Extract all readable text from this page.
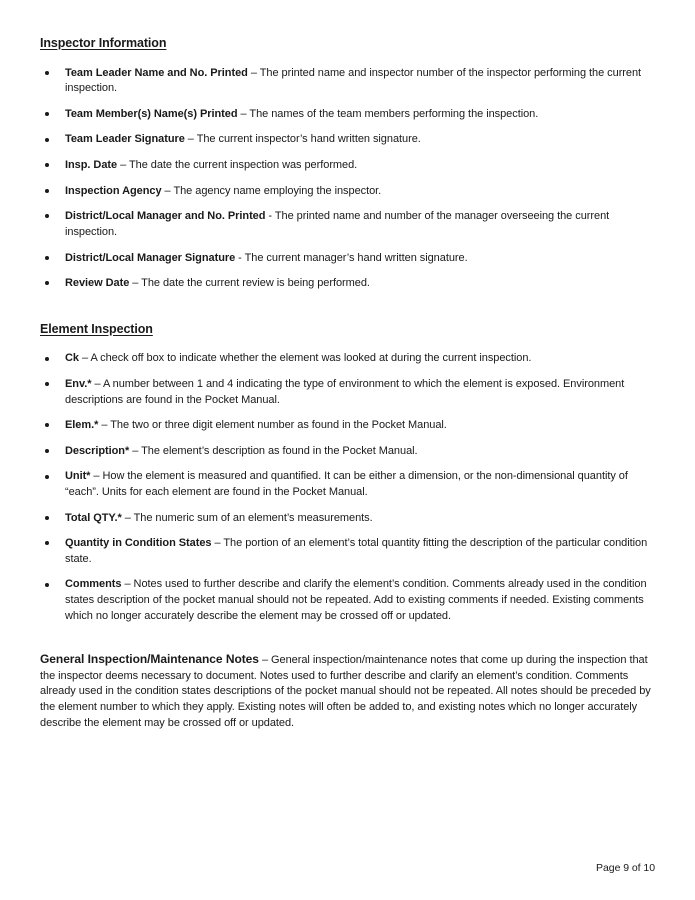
Inspector Information
Team Leader Name and No. Printed – The printed name and inspector number of the inspector performing the current inspection.
Team Member(s) Name(s) Printed – The names of the team members performing the inspection.
Team Leader Signature – The current inspector’s hand written signature.
Insp. Date – The date the current inspection was performed.
Inspection Agency – The agency name employing the inspector.
District/Local Manager and No. Printed - The printed name and number of the manager overseeing the current inspection.
District/Local Manager Signature - The current manager’s hand written signature.
Review Date – The date the current review is being performed.
Element Inspection
Ck – A check off box to indicate whether the element was looked at during the current inspection.
Env.* – A number between 1 and 4 indicating the type of environment to which the element is exposed. Environment descriptions are found in the Pocket Manual.
Elem.* – The two or three digit element number as found in the Pocket Manual.
Description* – The element’s description as found in the Pocket Manual.
Unit* – How the element is measured and quantified. It can be either a dimension, or the non-dimensional quantity of “each”. Units for each element are found in the Pocket Manual.
Total QTY.* – The numeric sum of an element’s measurements.
Quantity in Condition States – The portion of an element’s total quantity fitting the description of the particular condition state.
Comments – Notes used to further describe and clarify the element’s condition. Comments already used in the condition states description of the pocket manual should not be repeated. Add to existing comments if needed. Existing comments which no longer accurately describe the element may be crossed off or updated.

General Inspection/Maintenance Notes – General inspection/maintenance notes that come up during the inspection that the inspector deems necessary to document. Notes used to further describe and clarify an element’s condition. Comments already used in the condition states descriptions of the pocket manual should not be repeated. All notes should be preceded by the element number to which they apply. Existing notes will often be added to, and existing notes which no longer accurately describe the element may be crossed off or updated.

Page 9 of 10
